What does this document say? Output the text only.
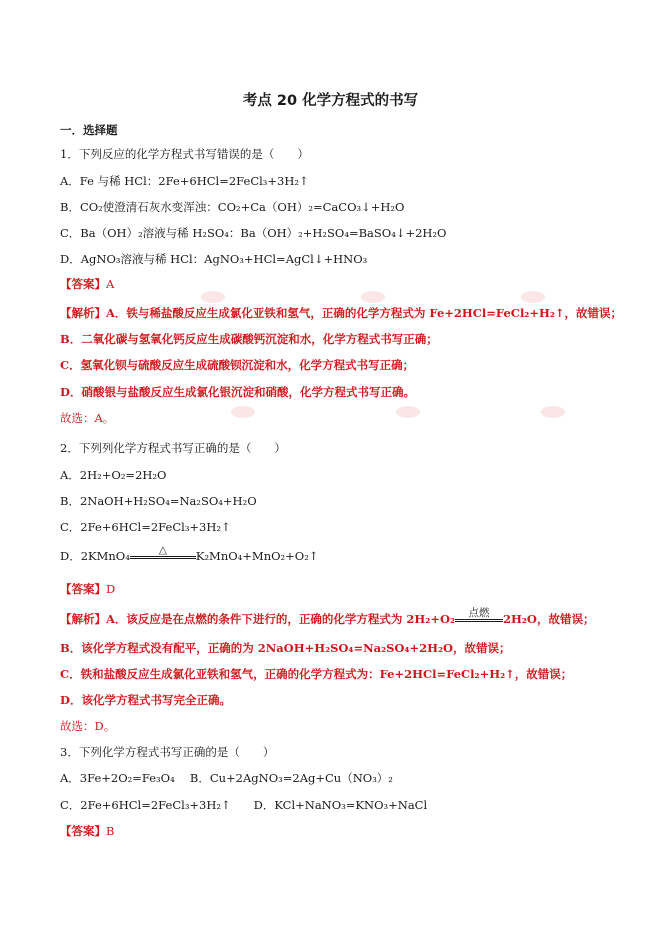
考点 20 化学方程式的书写
一．选择题
1．下列反应的化学方程式书写错误的是（　　）
A．Fe 与稀 HCl：2Fe+6HCl=2FeCl₃+3H₂↑
B．CO₂使澄清石灰水变浑浊：CO₂+Ca（OH）₂=CaCO₃↓+H₂O
C．Ba（OH）₂溶液与稀 H₂SO₄：Ba（OH）₂+H₂SO₄=BaSO₄↓+2H₂O
D．AgNO₃溶液与稀 HCl：AgNO₃+HCl=AgCl↓+HNO₃
【答案】A
【解析】A．铁与稀盐酸反应生成氯化亚铁和氢气，正确的化学方程式为 Fe+2HCl=FeCl₂+H₂↑，故错误；
B．二氧化碳与氢氧化钙反应生成碳酸钙沉淀和水，化学方程式书写正确；
C．氢氧化钡与硫酸反应生成硫酸钡沉淀和水，化学方程式书写正确；
D．硝酸银与盐酸反应生成氯化银沉淀和硝酸，化学方程式书写正确。
故选：A。
2．下列列化学方程式书写正确的是（　　）
A．2H₂+O₂=2H₂O
B．2NaOH+H₂SO₄=Na₂SO₄+H₂O
C．2Fe+6HCl=2FeCl₃+3H₂↑
D．2KMnO₄	△	K₂MnO₄+MnO₂+O₂↑
【答案】D
【解析】A．该反应是在点燃的条件下进行的，正确的化学方程式为 2H₂+O₂	点燃	2H₂O，故错误；
B．该化学方程式没有配平，正确的为 2NaOH+H₂SO₄=Na₂SO₄+2H₂O，故错误；
C．铁和盐酸反应生成氯化亚铁和氢气，正确的化学方程式为：Fe+2HCl=FeCl₂+H₂↑，故错误；
D．该化学方程式书写完全正确。
故选：D。
3．下列化学方程式书写正确的是（　　）
A．3Fe+2O₂=Fe₃O₄　 B．Cu+2AgNO₃=2Ag+Cu（NO₃）₂
C．2Fe+6HCl=2FeCl₃+3H₂↑　　D．KCl+NaNO₃=KNO₃+NaCl
【答案】B
